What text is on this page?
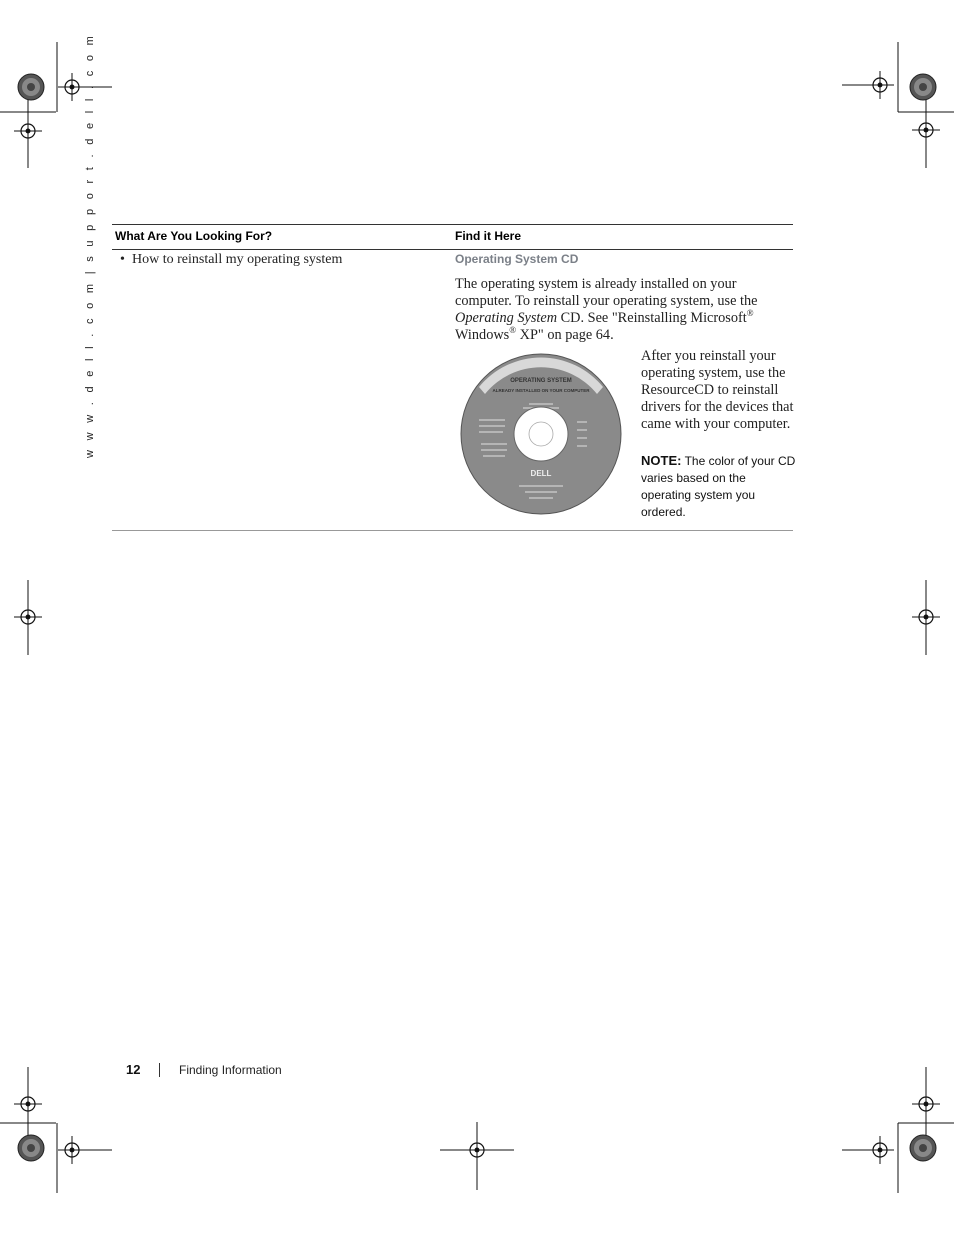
w w w . d e l l . c o m | s u p p o r t . d e l l . c o m What Are You Looking For?	Find it Here
• How to reinstall my operating system	Operating System CD

The operating system is already installed on your computer. To reinstall your operating system, use the Operating System CD. See "Reinstalling Microsoft® Windows® XP" on page 64.

OPERATING SYSTEM
ALREADY INSTALLED ON YOUR COMPUTER
DELL
After you reinstall your operating system, use the ResourceCD to reinstall drivers for the devices that came with your computer.
NOTE: The color of your CD varies based on the operating system you ordered.
12	Finding Information
